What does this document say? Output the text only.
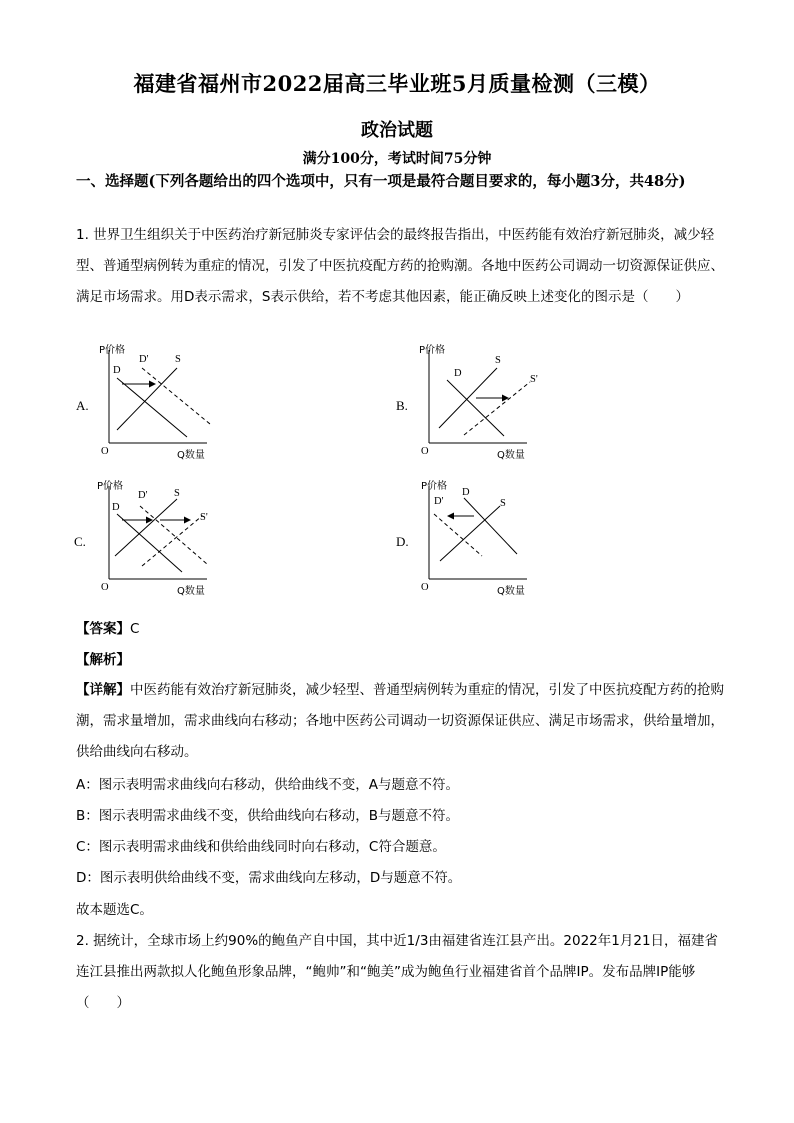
福建省福州市2022届高三毕业班5月质量检测（三模）
政治试题
满分100分，考试时间75分钟
一、选择题(下列各题给出的四个选项中，只有一项是最符合题目要求的，每小题3分，共48分)
1. 世界卫生组织关于中医药治疗新冠肺炎专家评估会的最终报告指出，中医药能有效治疗新冠肺炎，减少轻型、普通型病例转为重症的情况，引发了中医抗疫配方药的抢购潮。各地中医药公司调动一切资源保证供应、满足市场需求。用D表示需求，S表示供给，若不考虑其他因素，能正确反映上述变化的图示是（　　）
A.
P价格
O	Q数量
D
D'	S
B.
P价格
O	Q数量
D
S
S'
C.
P价格
O	Q数量
D
D'	S
S'
D.
P价格
O	Q数量
D'
D
S
【答案】C
【解析】
【详解】中医药能有效治疗新冠肺炎，减少轻型、普通型病例转为重症的情况，引发了中医抗疫配方药的抢购潮，需求量增加，需求曲线向右移动；各地中医药公司调动一切资源保证供应、满足市场需求，供给量增加，供给曲线向右移动。
A：图示表明需求曲线向右移动，供给曲线不变，A与题意不符。
B：图示表明需求曲线不变，供给曲线向右移动，B与题意不符。
C：图示表明需求曲线和供给曲线同时向右移动，C符合题意。
D：图示表明供给曲线不变，需求曲线向左移动，D与题意不符。
故本题选C。
2. 据统计，全球市场上约90%的鲍鱼产自中国，其中近1/3由福建省连江县产出。2022年1月21日，福建省连江县推出两款拟人化鲍鱼形象品牌，“鲍帅”和“鲍美”成为鲍鱼行业福建省首个品牌IP。发布品牌IP能够（　　）
